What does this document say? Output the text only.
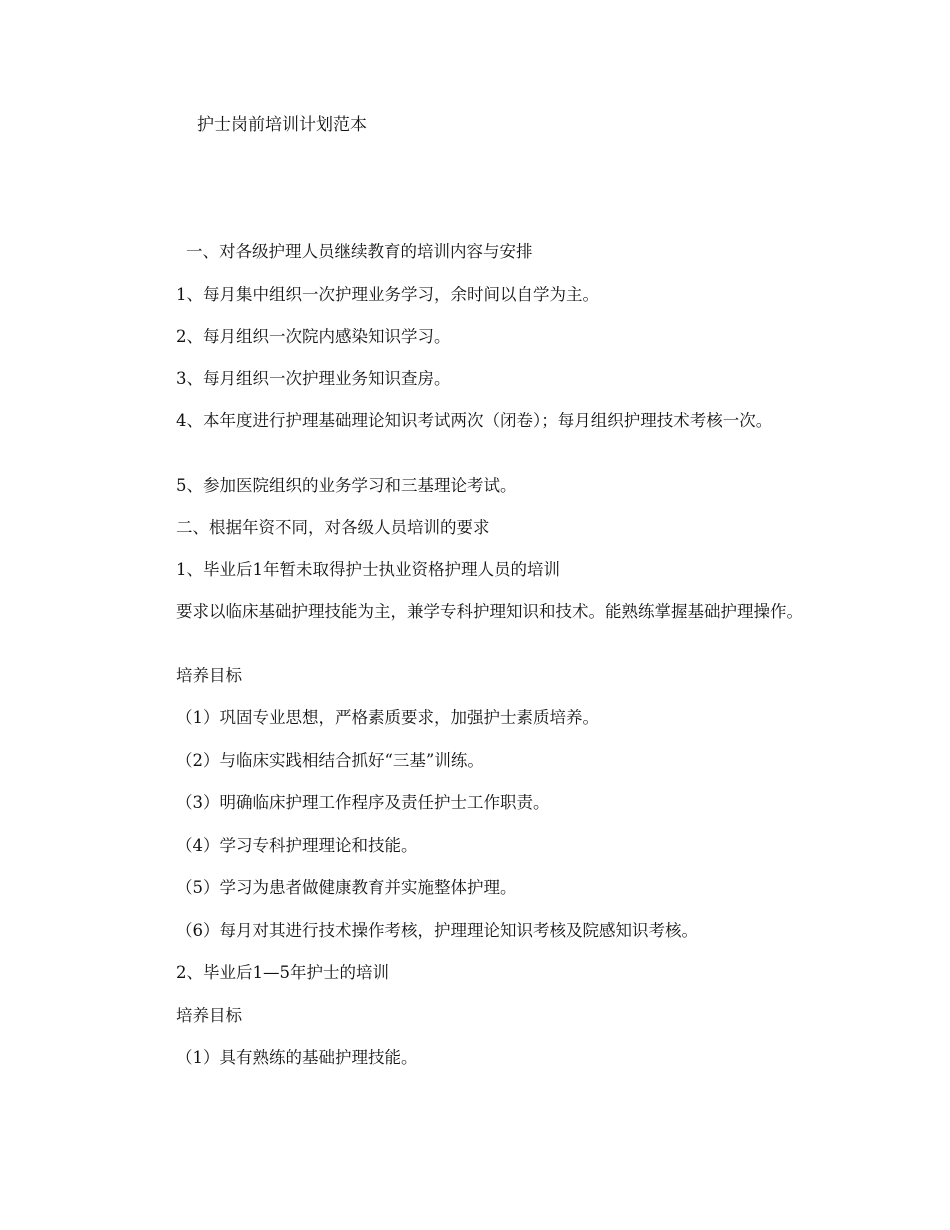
护士岗前培训计划范本
一、对各级护理人员继续教育的培训内容与安排
1、每月集中组织一次护理业务学习，余时间以自学为主。
2、每月组织一次院内感染知识学习。
3、每月组织一次护理业务知识查房。
4、本年度进行护理基础理论知识考试两次（闭卷）；每月组织护理技术考核一次。
5、参加医院组织的业务学习和三基理论考试。
二、根据年资不同，对各级人员培训的要求
1、毕业后1年暂未取得护士执业资格护理人员的培训
要求以临床基础护理技能为主，兼学专科护理知识和技术。能熟练掌握基础护理操作。
培养目标
（1）巩固专业思想，严格素质要求，加强护士素质培养。
（2）与临床实践相结合抓好“三基”训练。
（3）明确临床护理工作程序及责任护士工作职责。
（4）学习专科护理理论和技能。
（5）学习为患者做健康教育并实施整体护理。
（6）每月对其进行技术操作考核，护理理论知识考核及院感知识考核。
2、毕业后1—5年护士的培训
培养目标
（1）具有熟练的基础护理技能。
